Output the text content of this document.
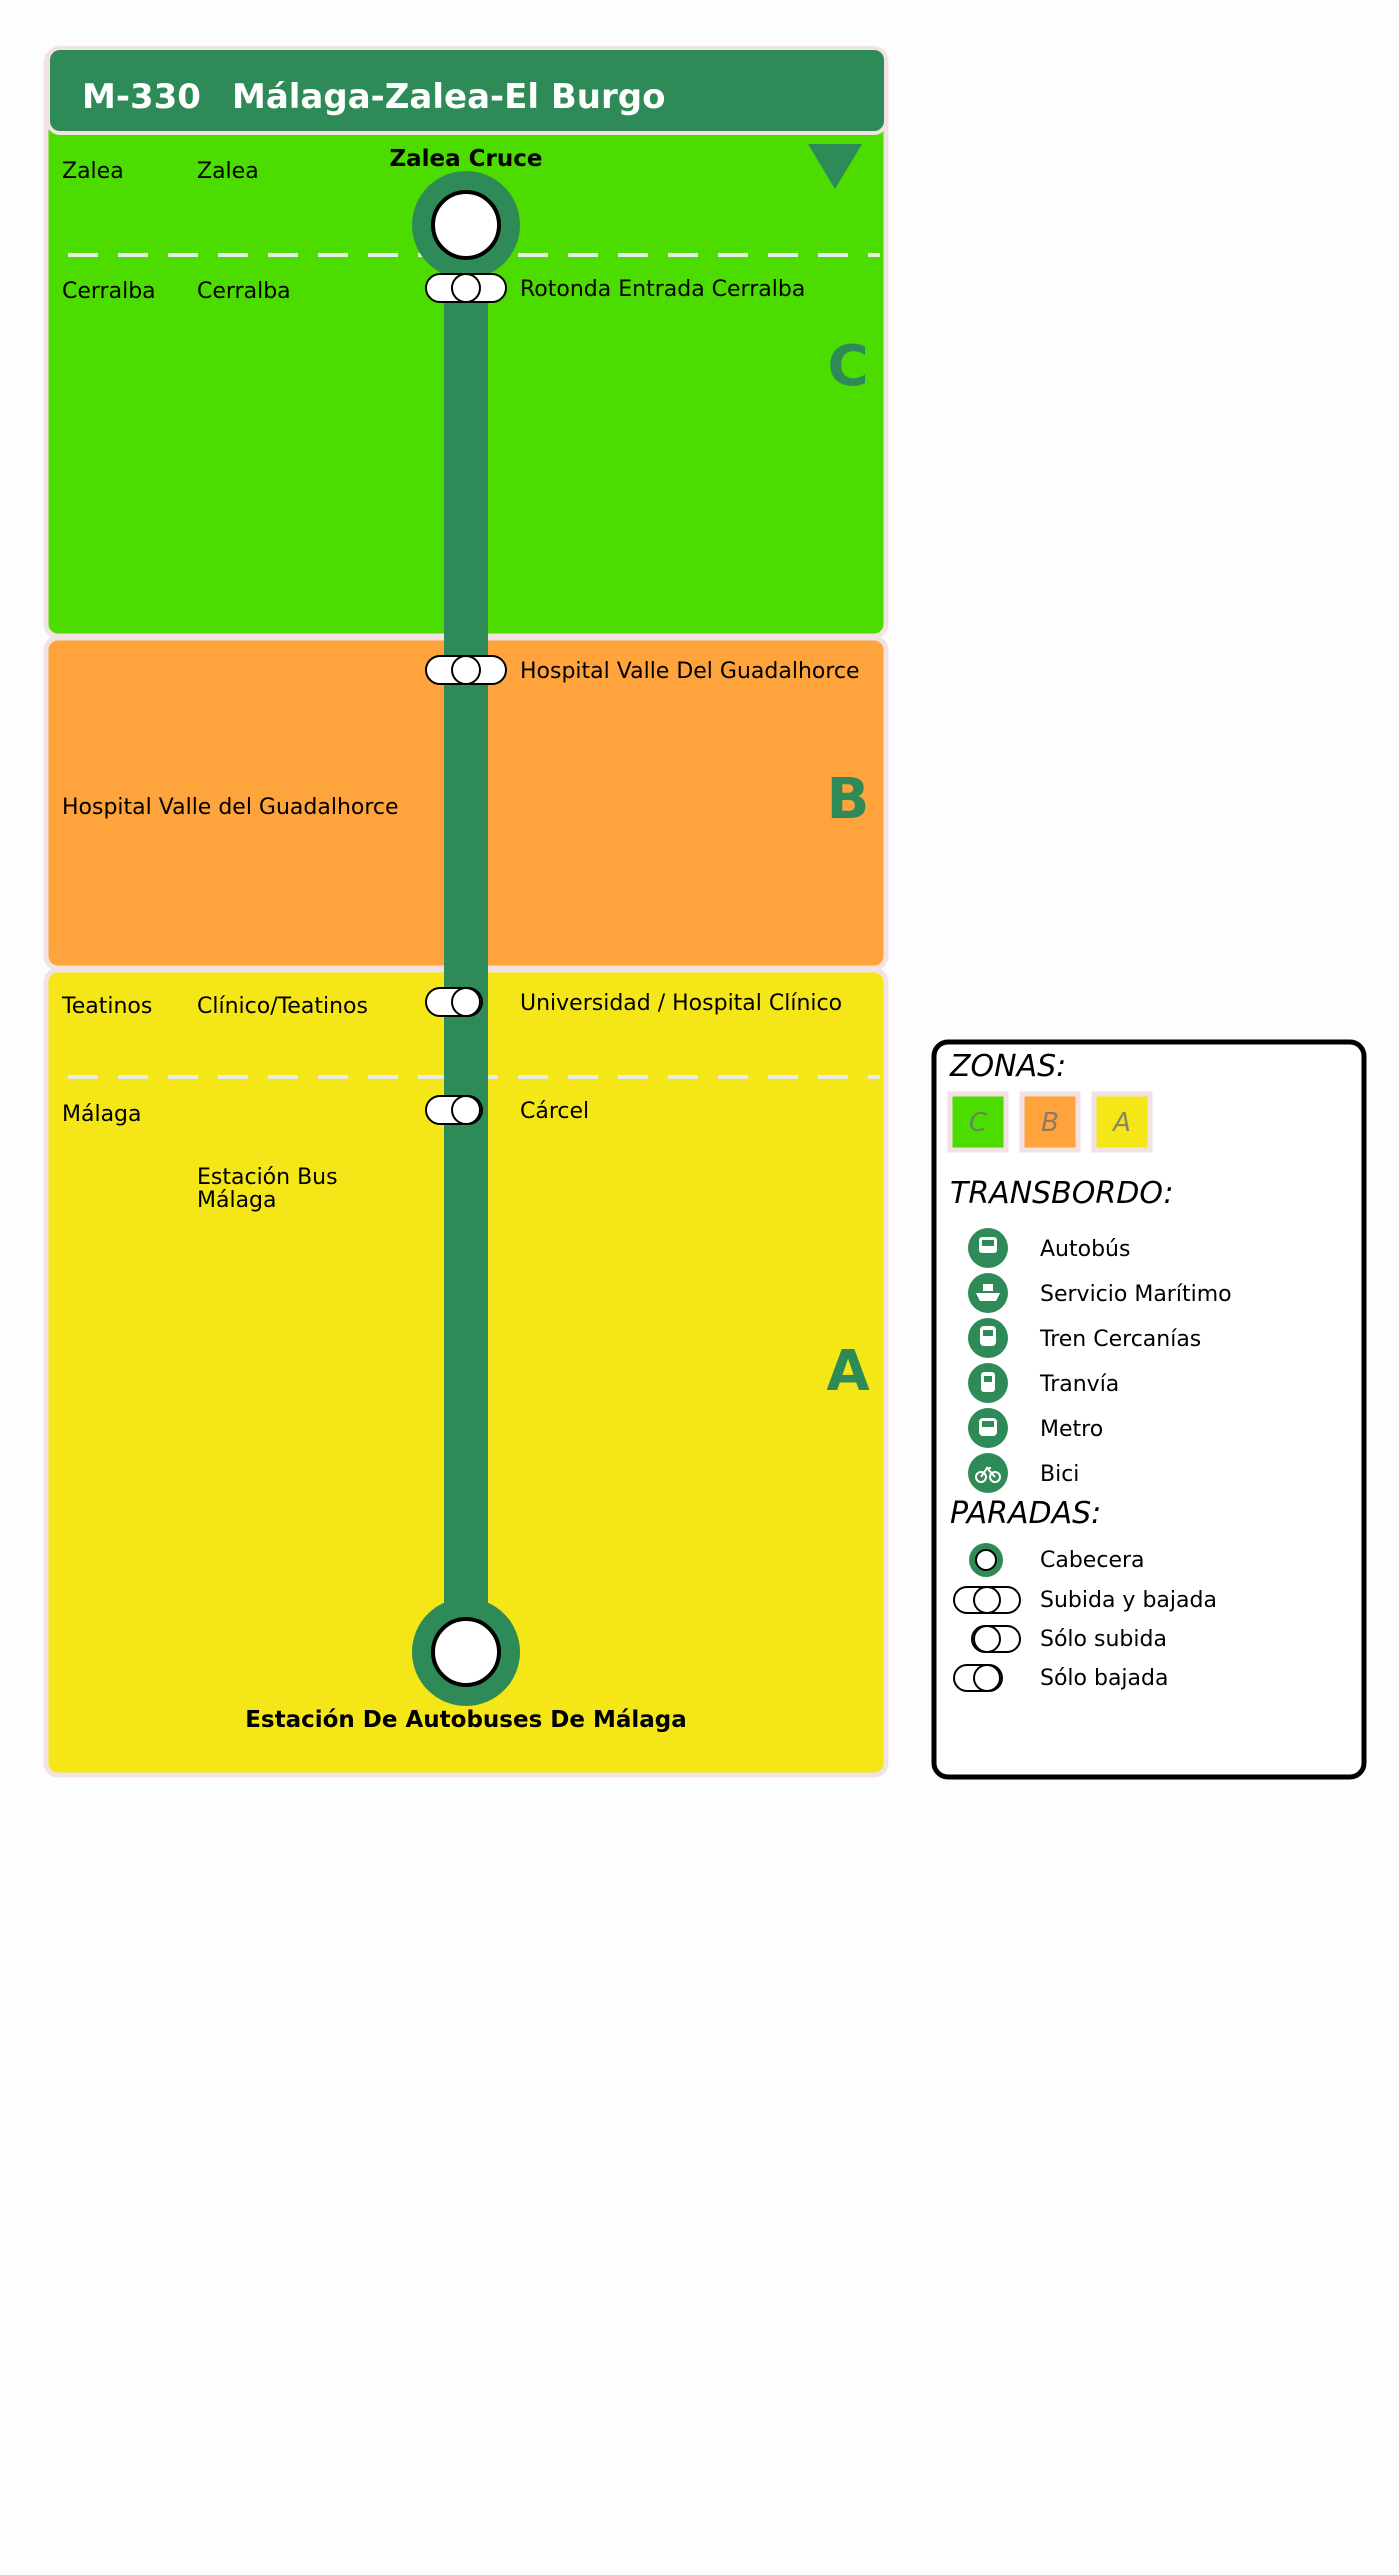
C
B
A
M-330 Málaga-Zalea-El Burgo
Zalea Cruce
Rotonda Entrada Cerralba
Hospital Valle Del Guadalhorce
Universidad / Hospital Clínico
Cárcel
Estación De Autobuses De Málaga
Zalea	Zalea
Cerralba Cerralba
Hospital Valle del Guadalhorce
Teatinos Clínico/Teatinos
Málaga
Estación Bus
Málaga
ZONAS:
C B A
TRANSBORDO:
Autobús
Servicio Marítimo
Tren Cercanías
Tranvía
Metro
Bici
PARADAS:
Cabecera
Subida y bajada
Sólo subida
Sólo bajada
